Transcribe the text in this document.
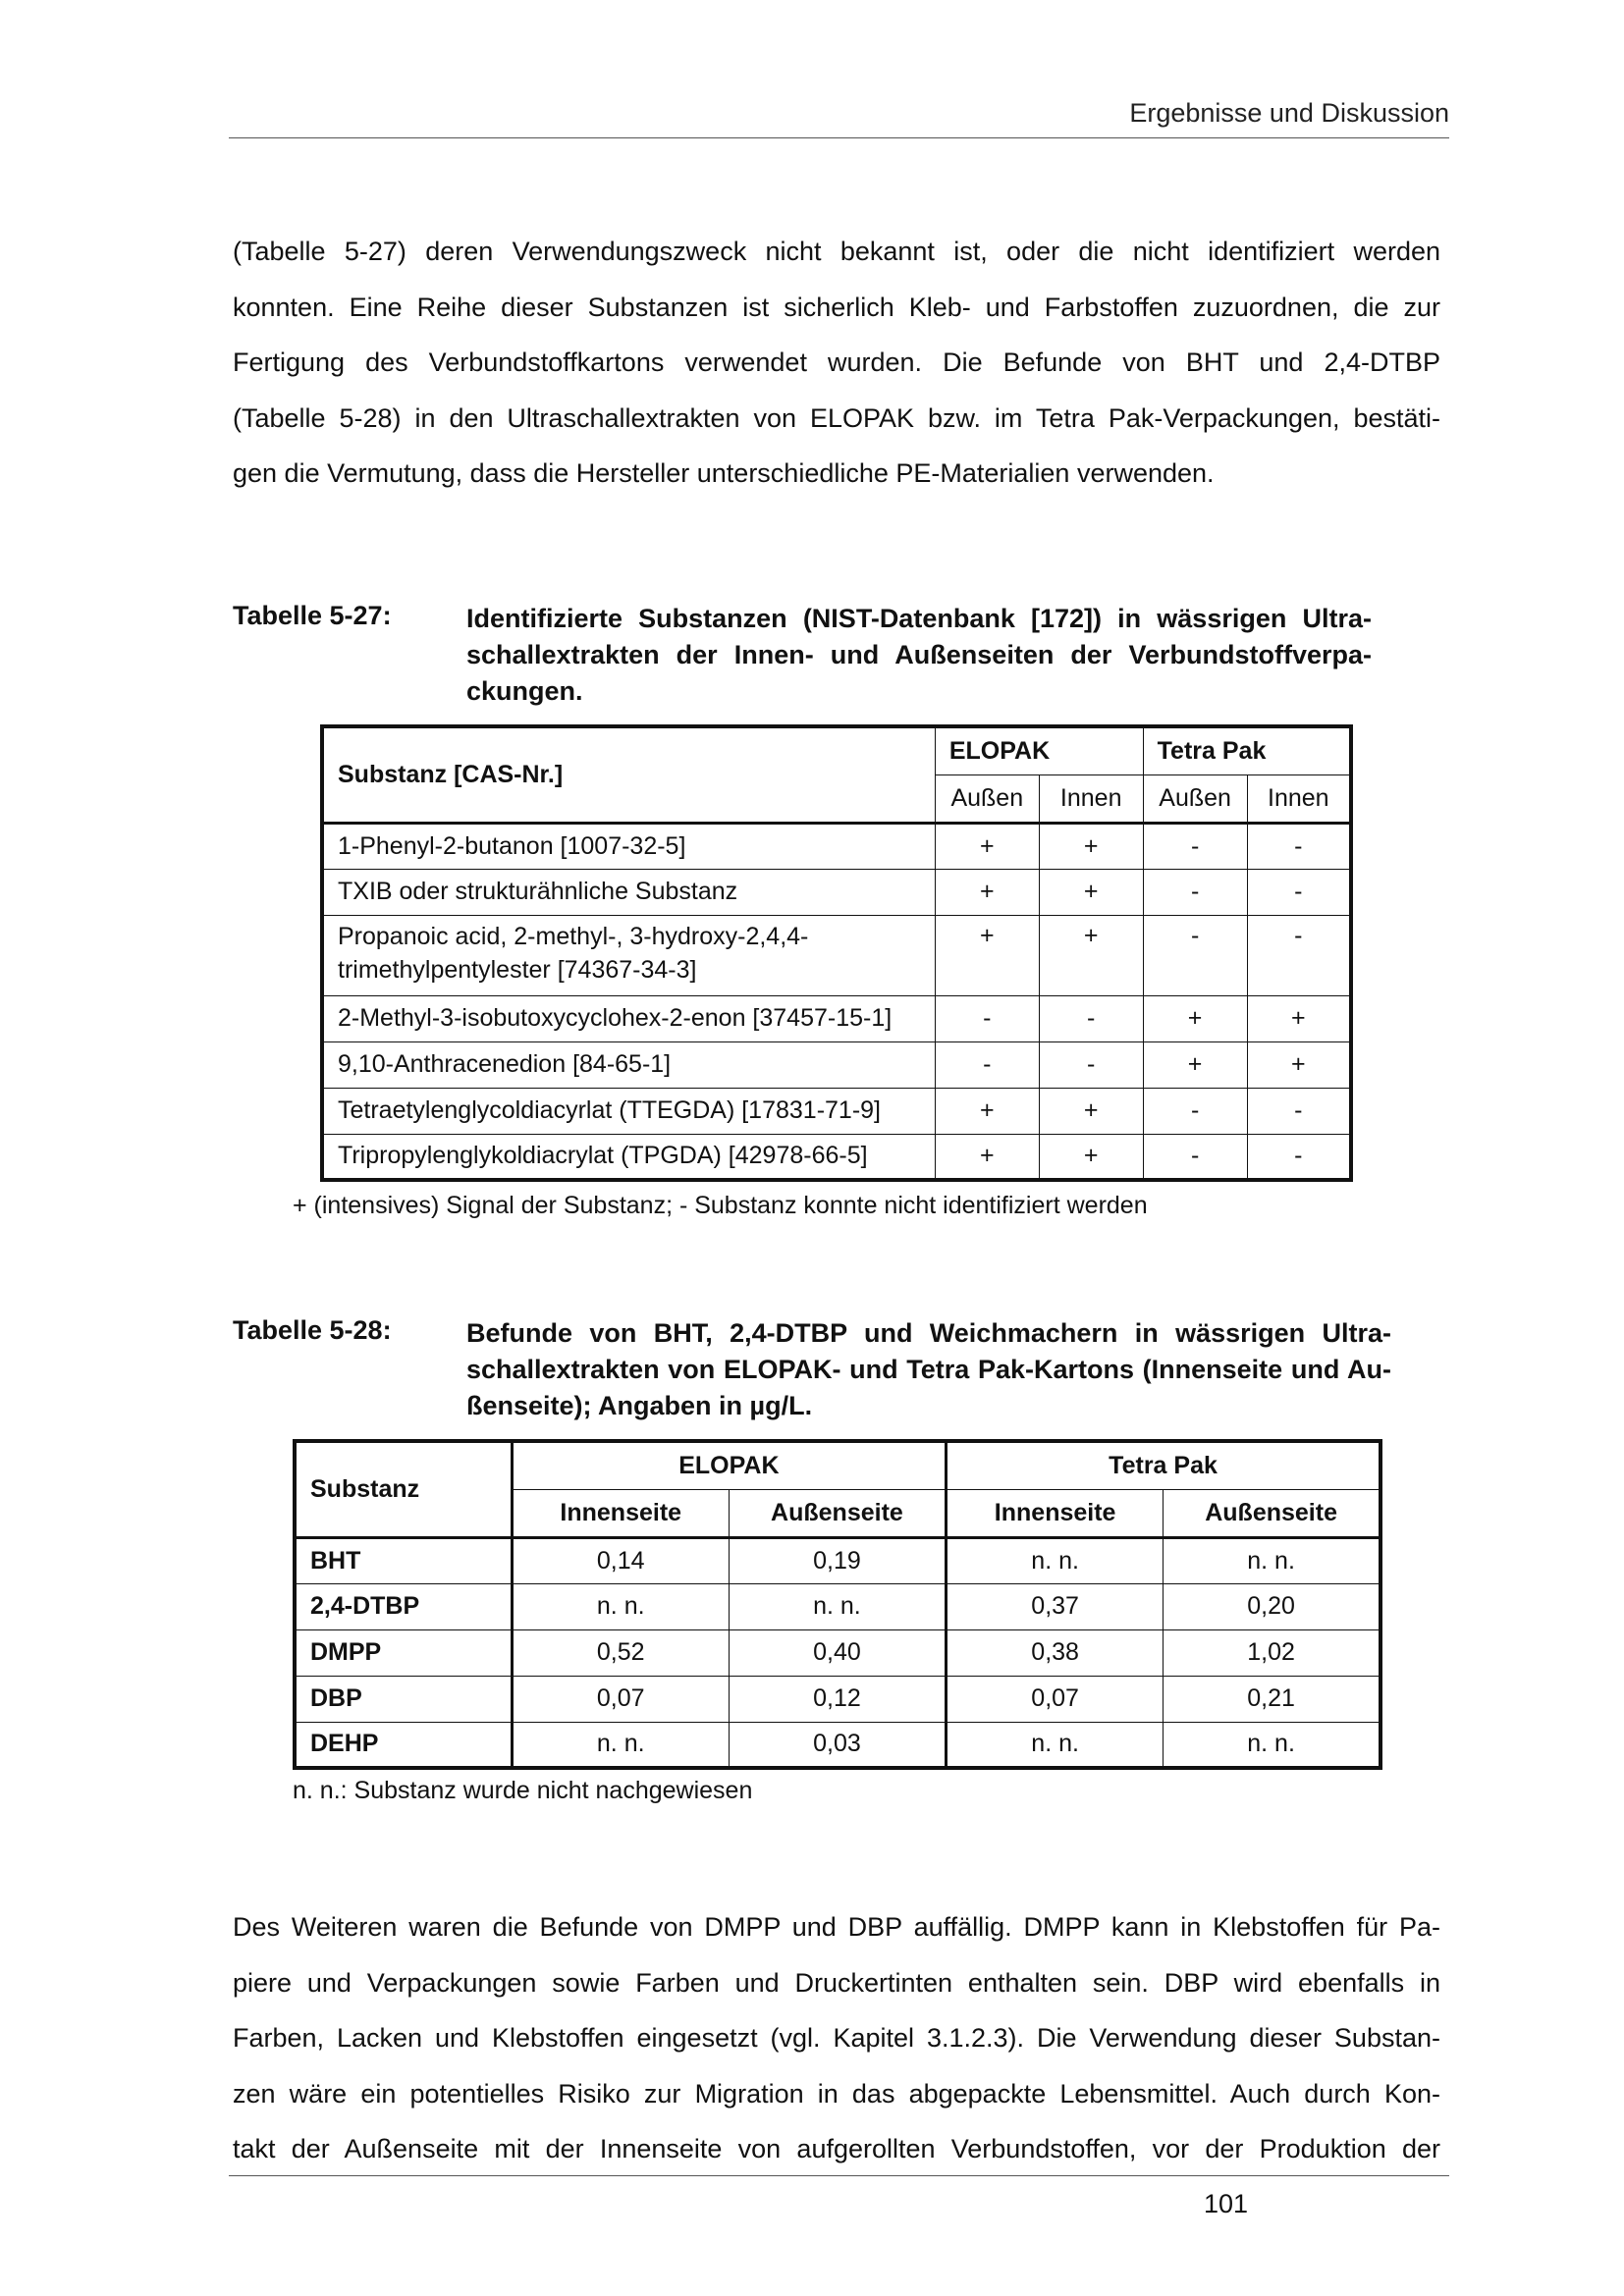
Ergebnisse und Diskussion

(Tabelle 5-27) deren Verwendungszweck nicht bekannt ist, oder die nicht identifiziert werden
konnten. Eine Reihe dieser Substanzen ist sicherlich Kleb- und Farbstoffen zuzuordnen, die zur
Fertigung des Verbundstoffkartons verwendet wurden. Die Befunde von BHT und 2,4-DTBP
(Tabelle 5-28) in den Ultraschallextrakten von ELOPAK bzw. im Tetra Pak-Verpackungen, bestäti-
gen die Vermutung, dass die Hersteller unterschiedliche PE-Materialien verwenden.

Tabelle 5-27:	Identifizierte Substanzen (NIST-Datenbank [172]) in wässrigen Ultra-
schallextrakten der Innen- und Außenseiten der Verbundstoffverpa-
ckungen.
Substanz [CAS-Nr.]	ELOPAK		Tetra Pak	
	Außen	Innen	Außen	Innen
1-Phenyl-2-butanon [1007-32-5]	+	+	-	-
TXIB oder strukturähnliche Substanz	+	+	-	-

Propanoic acid, 2-methyl-, 3-hydroxy-2,4,4-
trimethylpentylester [74367-34-3]	+	+	-	-
2-Methyl-3-isobutoxycyclohex-2-enon [37457-15-1]	-	-	+	+
9,10-Anthracenedion [84-65-1]	-	-	+	+
Tetraetylenglycoldiacyrlat (TTEGDA) [17831-71-9]	+	+	-	-
Tripropylenglykoldiacrylat (TPGDA) [42978-66-5]	+	+	-	-
+ (intensives) Signal der Substanz; - Substanz konnte nicht identifiziert werden
Tabelle 5-28:	Befunde von BHT, 2,4-DTBP und Weichmachern in wässrigen Ultra-
schallextrakten von ELOPAK- und Tetra Pak-Kartons (Innenseite und Au-
ßenseite); Angaben in µg/L.
Substanz	ELOPAK		Tetra Pak	
	Innenseite	Außenseite	Innenseite	Außenseite
BHT	0,14	0,19	n. n.	n. n.
2,4-DTBP	n. n.	n. n.	0,37	0,20
DMPP	0,52	0,40	0,38	1,02
DBP	0,07	0,12	0,07	0,21
DEHP	n. n.	0,03	n. n.	n. n.
n. n.: Substanz wurde nicht nachgewiesen

Des Weiteren waren die Befunde von DMPP und DBP auffällig. DMPP kann in Klebstoffen für Pa-
piere und Verpackungen sowie Farben und Druckertinten enthalten sein. DBP wird ebenfalls in
Farben, Lacken und Klebstoffen eingesetzt (vgl. Kapitel 3.1.2.3). Die Verwendung dieser Substan-
zen wäre ein potentielles Risiko zur Migration in das abgepackte Lebensmittel. Auch durch Kon-
takt der Außenseite mit der Innenseite von aufgerollten Verbundstoffen, vor der Produktion der

101
